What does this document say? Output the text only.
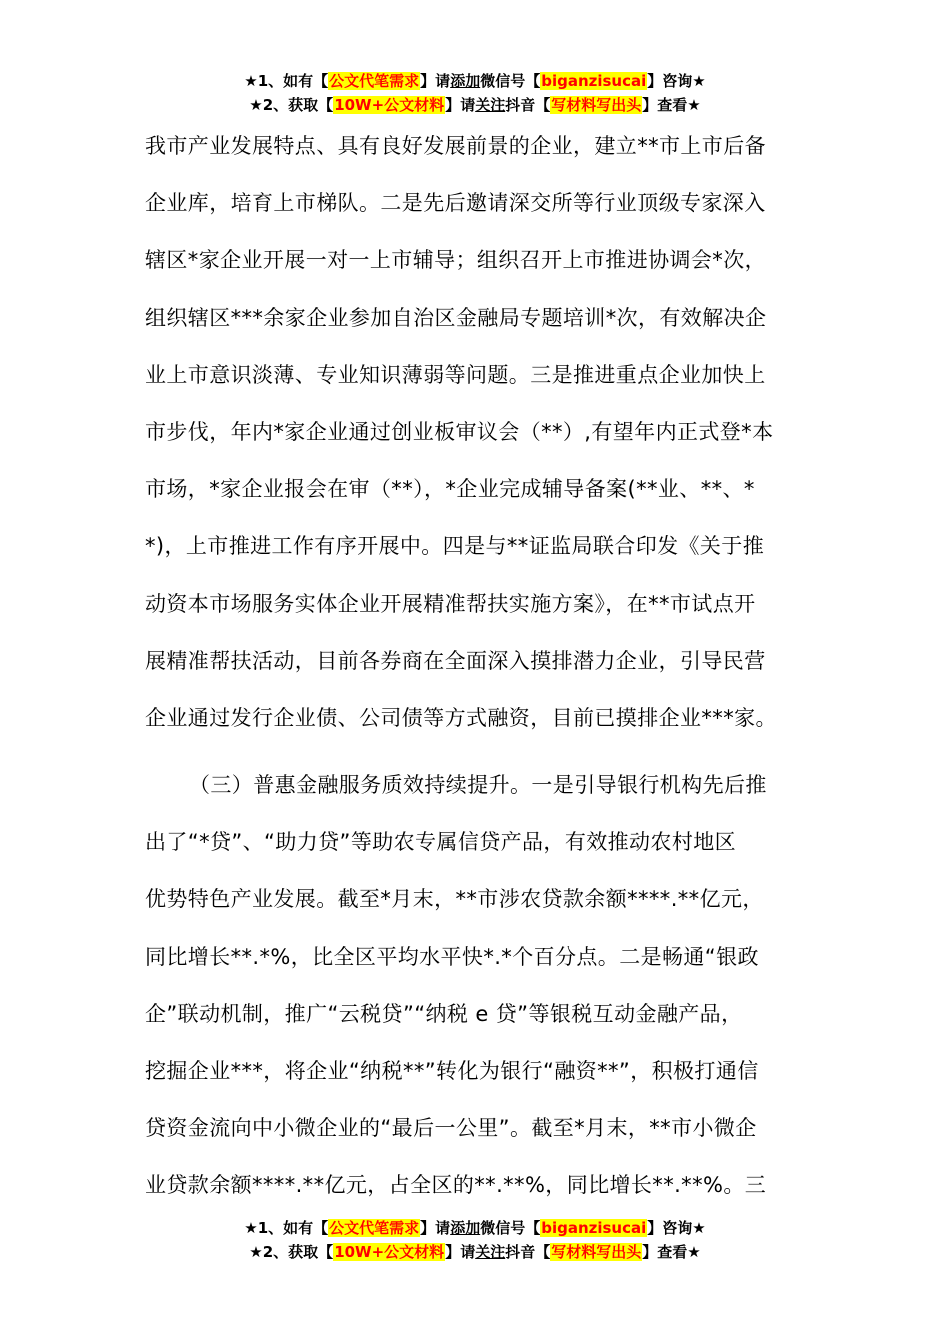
★1、如有【公文代笔需求】请添加微信号【biganzisucai】咨询★
★2、获取【10W+公文材料】请关注抖音【写材料写出头】查看★
我市产业发展特点、具有良好发展前景的企业，建立**市上市后备
企业库，培育上市梯队。二是先后邀请深交所等行业顶级专家深入
辖区*家企业开展一对一上市辅导；组织召开上市推进协调会*次，
组织辖区***余家企业参加自治区金融局专题培训*次，有效解决企
业上市意识淡薄、专业知识薄弱等问题。三是推进重点企业加快上
市步伐，年内*家企业通过创业板审议会（**）,有望年内正式登*本
市场，*家企业报会在审（**），*企业完成辅导备案(**业、**、*
*)，上市推进工作有序开展中。四是与**证监局联合印发《关于推
动资本市场服务实体企业开展精准帮扶实施方案》，在**市试点开
展精准帮扶活动，目前各券商在全面深入摸排潜力企业，引导民营
企业通过发行企业债、公司债等方式融资，目前已摸排企业***家。
（三）普惠金融服务质效持续提升。一是引导银行机构先后推
出了“*贷”、“助力贷”等助农专属信贷产品，有效推动农村地区
优势特色产业发展。截至*月末，**市涉农贷款余额****.**亿元，
同比增长**.*%，比全区平均水平快*.*个百分点。二是畅通“银政
企”联动机制，推广“云税贷”“纳税 e 贷”等银税互动金融产品，
挖掘企业***，将企业“纳税**”转化为银行“融资**”，积极打通信
贷资金流向中小微企业的“最后一公里”。截至*月末，**市小微企
业贷款余额****.**亿元，占全区的**.**%，同比增长**.**%。三
★1、如有【公文代笔需求】请添加微信号【biganzisucai】咨询★
★2、获取【10W+公文材料】请关注抖音【写材料写出头】查看★
